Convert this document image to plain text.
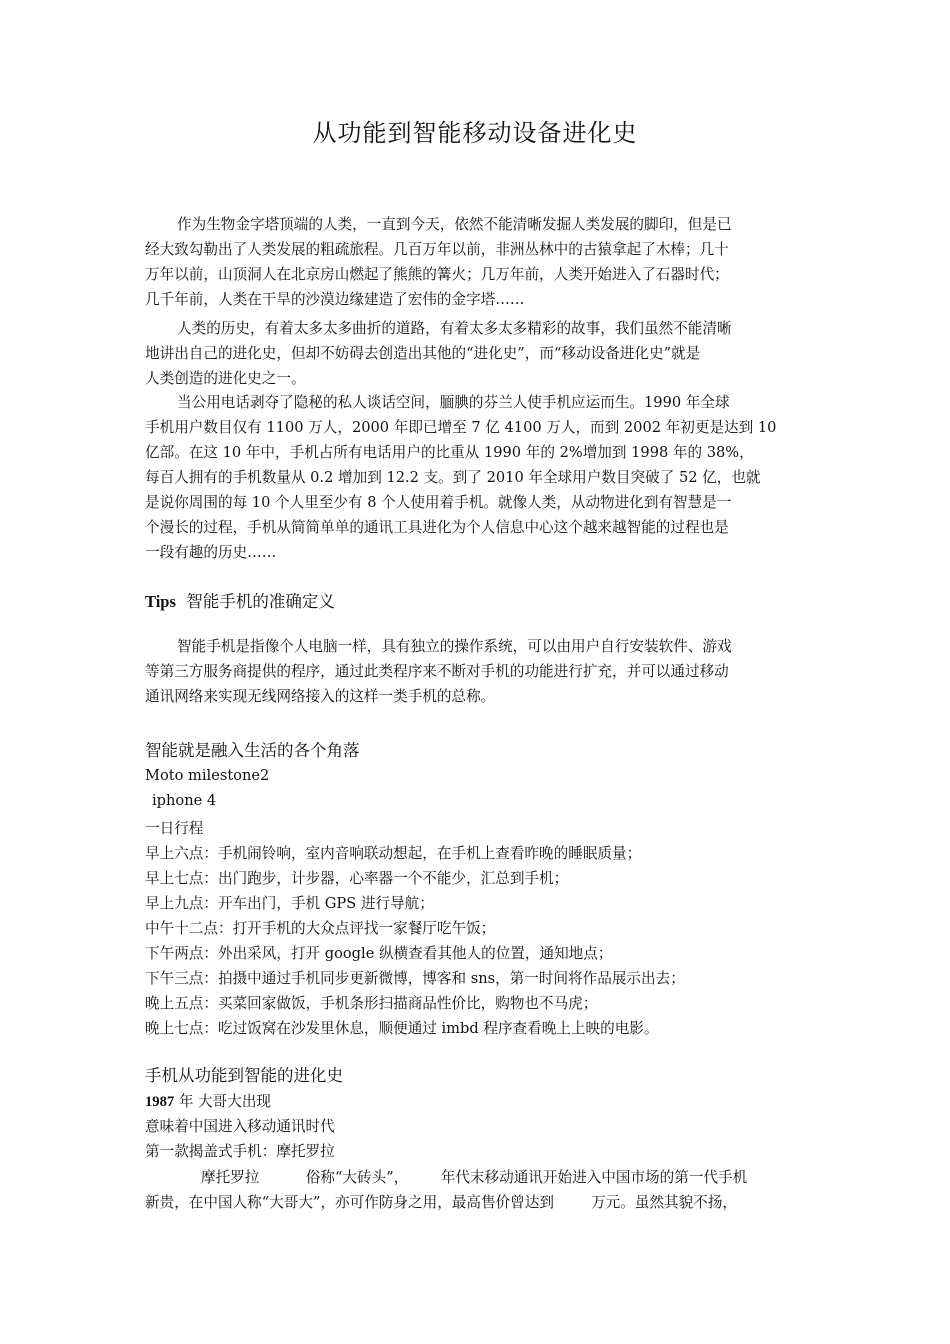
从功能到智能移动设备进化史
作为生物金字塔顶端的人类，一直到今天，依然不能清晰发掘人类发展的脚印，但是已
经大致勾勒出了人类发展的粗疏旅程。几百万年以前，非洲丛林中的古猿拿起了木棒；几十
万年以前，山顶洞人在北京房山燃起了熊熊的篝火；几万年前，人类开始进入了石器时代；
几千年前，人类在干旱的沙漠边缘建造了宏伟的金字塔……
人类的历史，有着太多太多曲折的道路，有着太多太多精彩的故事，我们虽然不能清晰
地讲出自己的进化史，但却不妨碍去创造出其他的“进化史”，而“移动设备进化史”就是
人类创造的进化史之一。
当公用电话剥夺了隐秘的私人谈话空间，腼腆的芬兰人使手机应运而生。1990 年全球
手机用户数目仅有 1100 万人，2000 年即已增至 7 亿 4100 万人，而到 2002 年初更是达到 10
亿部。在这 10 年中，手机占所有电话用户的比重从 1990 年的 2%增加到 1998 年的 38%，
每百人拥有的手机数量从 0.2 增加到 12.2 支。到了 2010 年全球用户数目突破了 52 亿，也就
是说你周围的每 10 个人里至少有 8 个人使用着手机。就像人类，从动物进化到有智慧是一
个漫长的过程，手机从简简单单的通讯工具进化为个人信息中心这个越来越智能的过程也是
一段有趣的历史……
Tips 智能手机的准确定义
智能手机是指像个人电脑一样，具有独立的操作系统，可以由用户自行安装软件、游戏
等第三方服务商提供的程序，通过此类程序来不断对手机的功能进行扩充，并可以通过移动
通讯网络来实现无线网络接入的这样一类手机的总称。
智能就是融入生活的各个角落
Moto milestone2
iphone 4
一日行程
早上六点：手机闹铃响，室内音响联动想起，在手机上查看昨晚的睡眠质量；
早上七点：出门跑步，计步器，心率器一个不能少，汇总到手机；
早上九点：开车出门，手机 GPS 进行导航；
中午十二点：打开手机的大众点评找一家餐厅吃午饭；
下午两点：外出采风，打开 google 纵横查看其他人的位置，通知地点；
下午三点：拍摄中通过手机同步更新微博，博客和 sns，第一时间将作品展示出去；
晚上五点：买菜回家做饭，手机条形扫描商品性价比，购物也不马虎；
晚上七点：吃过饭窝在沙发里休息，顺便通过 imbd 程序查看晚上上映的电影。
手机从功能到智能的进化史
1987 年 大哥大出现
意味着中国进入移动通讯时代
第一款揭盖式手机：摩托罗拉
摩托罗拉          俗称“大砖头”，       年代末移动通讯开始进入中国市场的第一代手机
新贵，在中国人称“大哥大”，亦可作防身之用，最高售价曾达到        万元。虽然其貌不扬，
